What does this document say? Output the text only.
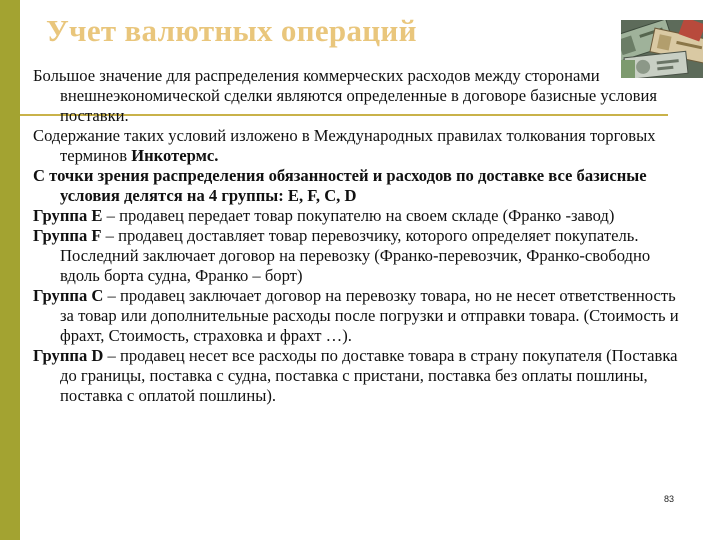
Учет валютных операций

Большое значение для распределения коммерческих расходов между сторонами внешнеэкономической сделки являются определенные в договоре базисные условия поставки.

Содержание таких условий изложено в Международных правилах толкования торговых терминов Инкотермс.

С точки зрения распределения обязанностей и расходов по доставке все базисные условия делятся на 4 группы: E, F, C, D

Группа E – продавец передает товар покупателю на своем складе (Франко -завод)

Группа F – продавец доставляет товар перевозчику, которого определяет покупатель. Последний заключает договор на перевозку (Франко-перевозчик, Франко-свободно вдоль борта судна, Франко – борт)

Группа C – продавец заключает договор на перевозку товара, но не несет ответственность за товар или дополнительные расходы после погрузки и отправки товара. (Стоимость и фрахт, Стоимость, страховка и фрахт …).

Группа D – продавец несет все расходы по доставке товара в страну покупателя (Поставка до границы, поставка с судна, поставка с пристани, поставка без оплаты пошлины, поставка с оплатой пошлины).

83
